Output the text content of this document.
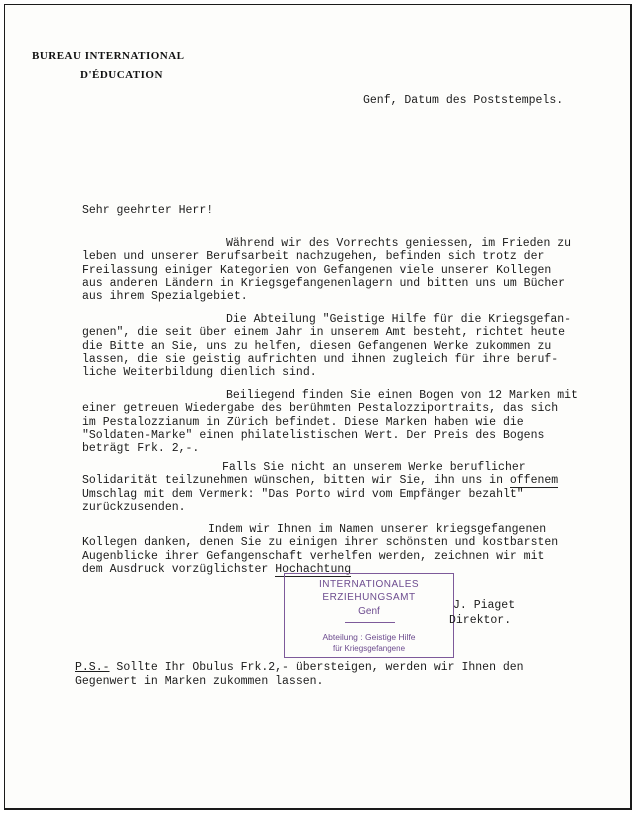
BUREAU INTERNATIONAL
D'ÉDUCATION
Genf, Datum des Poststempels.
Sehr geehrter Herr!
Während wir des Vorrechts geniessen, im Frieden zu
leben und unserer Berufsarbeit nachzugehen, befinden sich trotz der
Freilassung einiger Kategorien von Gefangenen viele unserer Kollegen
aus anderen Ländern in Kriegsgefangenenlagern und bitten uns um Bücher
aus ihrem Spezialgebiet.
Die Abteilung "Geistige Hilfe für die Kriegsgefan-
genen", die seit über einem Jahr in unserem Amt besteht, richtet heute
die Bitte an Sie, uns zu helfen, diesen Gefangenen Werke zukommen zu
lassen, die sie geistig aufrichten und ihnen zugleich für ihre beruf-
liche Weiterbildung dienlich sind.
Beiliegend finden Sie einen Bogen von 12 Marken mit
einer getreuen Wiedergabe des berühmten Pestalozziportraits, das sich
im Pestalozzianum in Zürich befindet. Diese Marken haben wie die
"Soldaten-Marke" einen philatelistischen Wert. Der Preis des Bogens
beträgt Frk. 2,-.
Falls Sie nicht an unserem Werke beruflicher
Solidarität teilzunehmen wünschen, bitten wir Sie, ihn uns in offenem
Umschlag mit dem Vermerk: "Das Porto wird vom Empfänger bezahlt"
zurückzusenden.
Indem wir Ihnen im Namen unserer kriegsgefangenen
Kollegen danken, denen Sie zu einigen ihrer schönsten und kostbarsten
Augenblicke ihrer Gefangenschaft verhelfen werden, zeichnen wir mit
dem Ausdruck vorzüglichster Hochachtung
INTERNATIONALES
ERZIEHUNGSAMT
Genf
Abteilung : Geistige Hilfe
für Kriegsgefangene
J. Piaget
Direktor.
P.S.- Sollte Ihr Obulus Frk.2,- übersteigen, werden wir Ihnen den
Gegenwert in Marken zukommen lassen.
